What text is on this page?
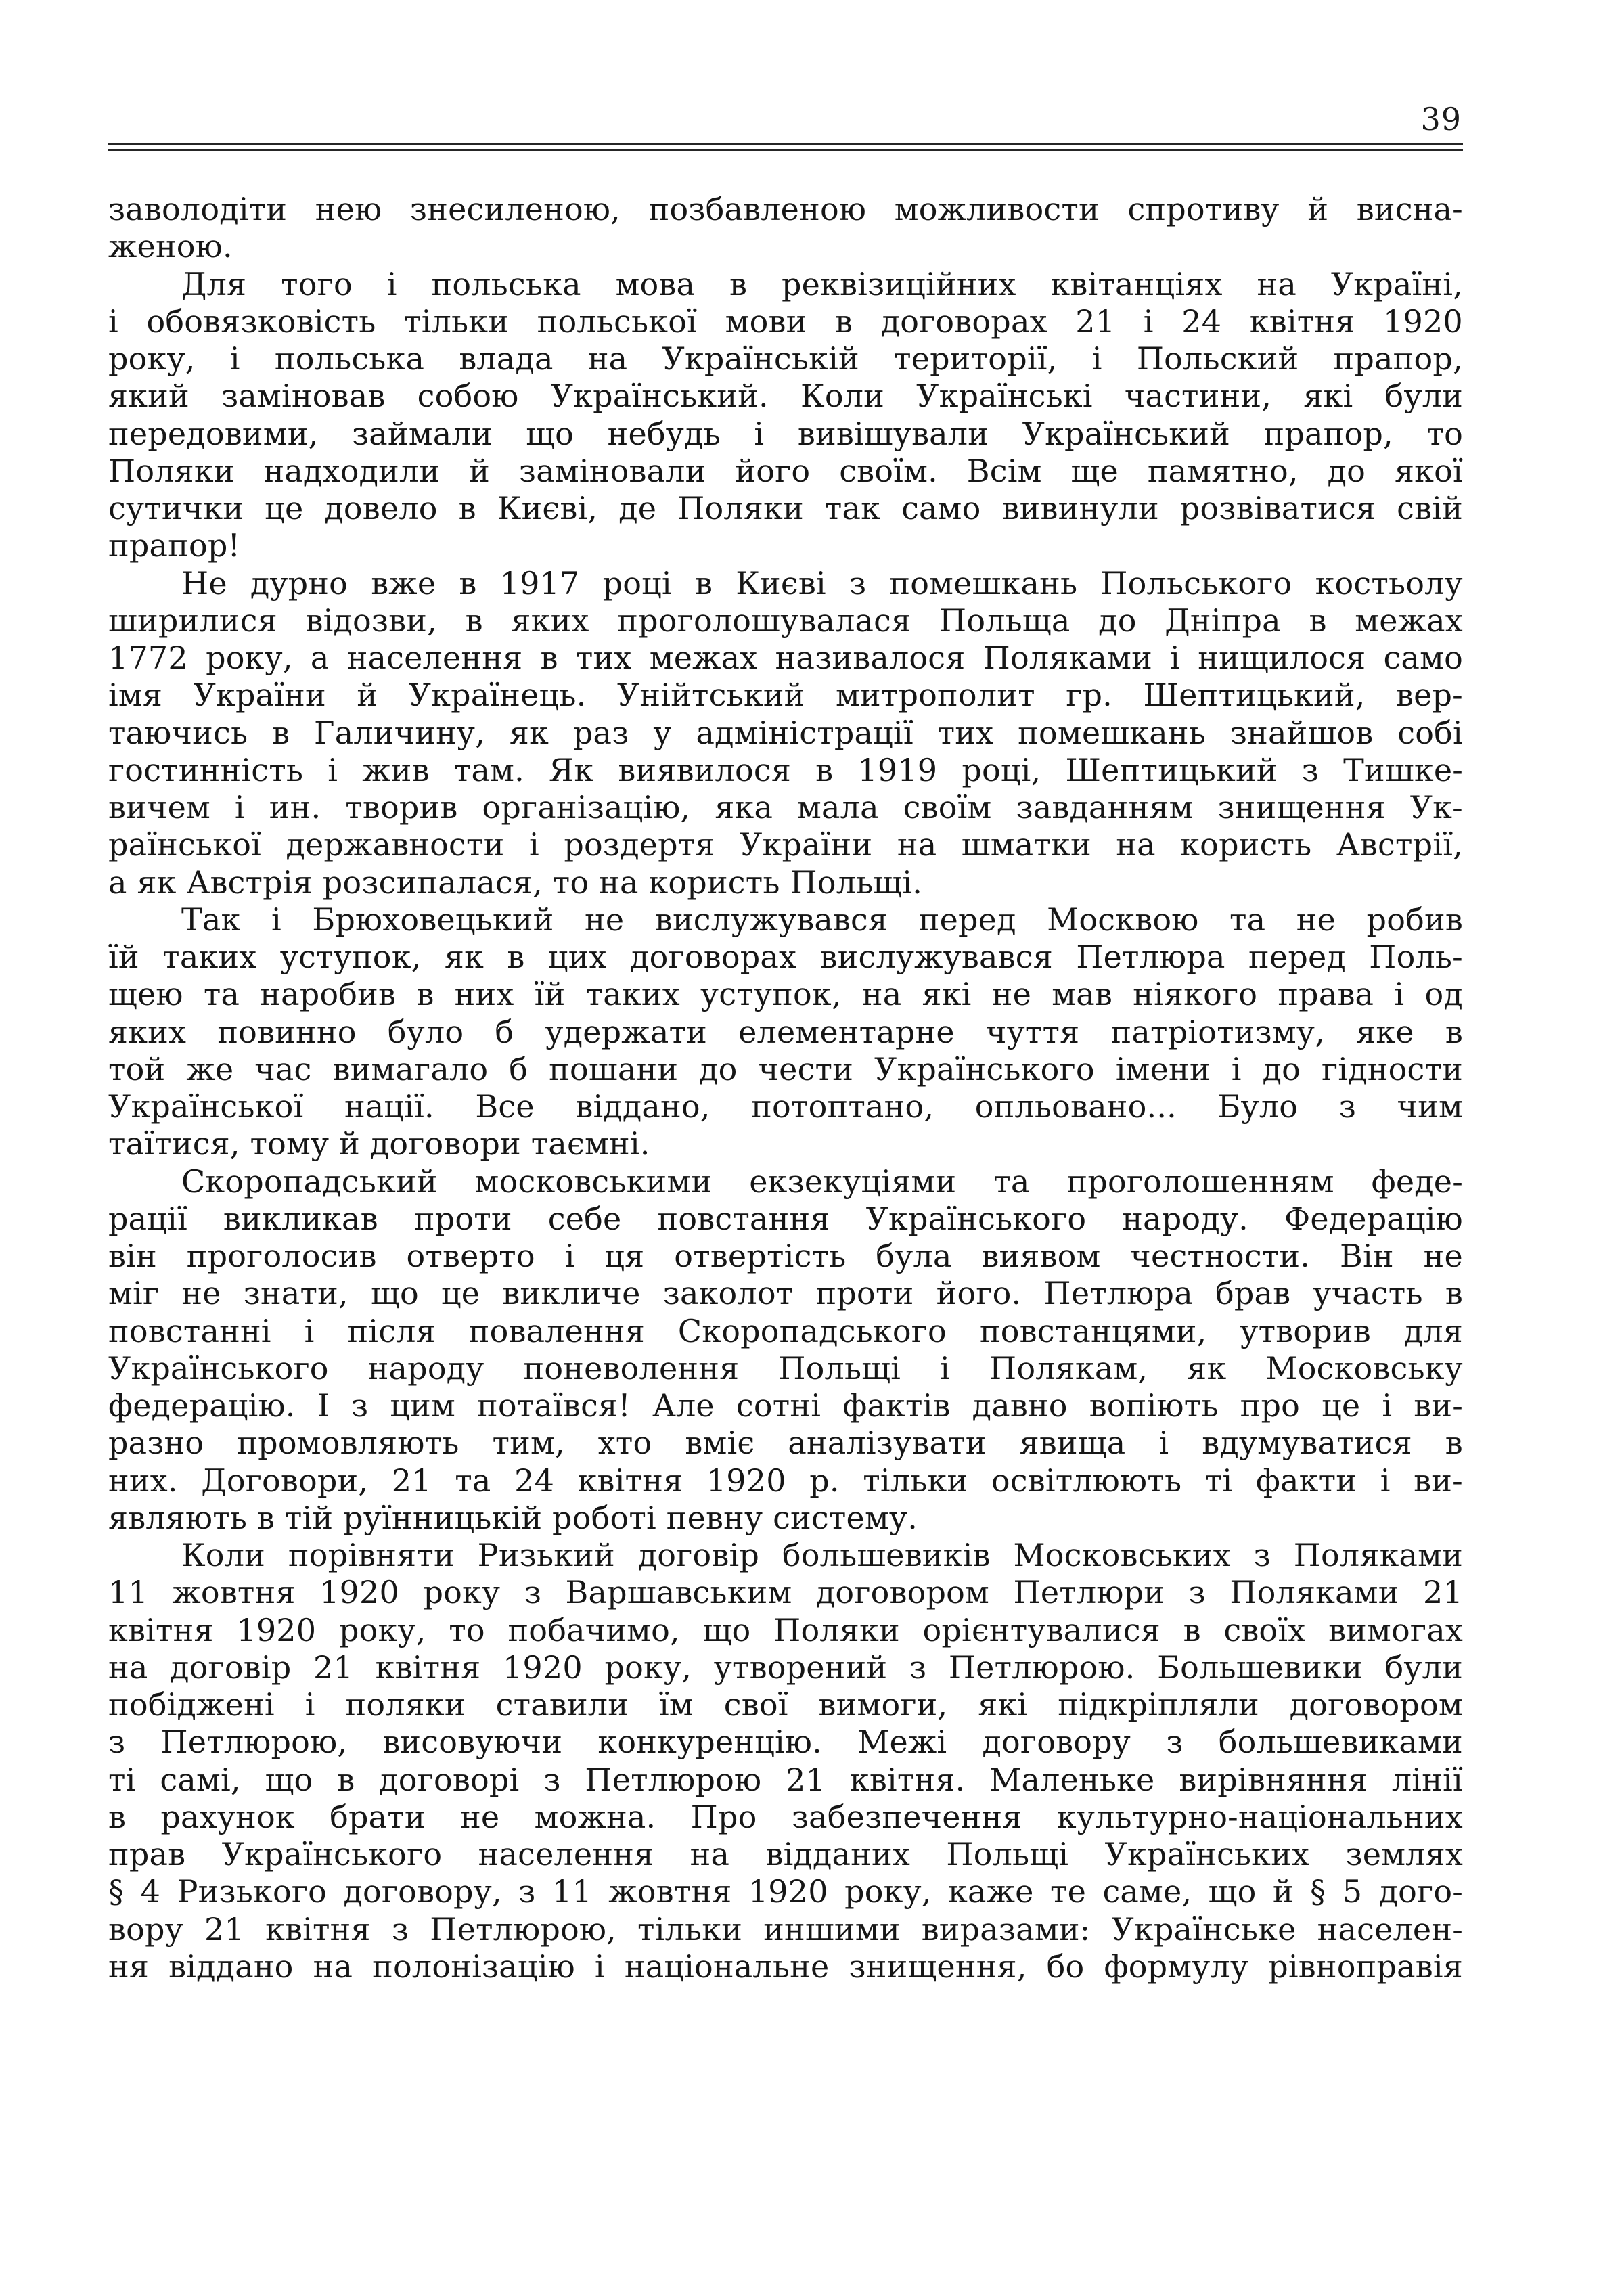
39
заволодіти нею знесиленою, позбавленою можливости спротиву й висна-
женою.
Для того і польська мова в реквізиційних квітанціях на Україні,
і обовязковість тільки польської мови в договорах 21 і 24 квітня 1920
року, і польська влада на Українській території, і Польский прапор,
який заміновав собою Український. Коли Українські частини, які були
передовими, займали що небудь і вивішували Український прапор, то
Поляки надходили й заміновали його своїм. Всім ще памятно, до якої
сутички це довело в Києві, де Поляки так само вивинули розвіватися свій
прапор!
Не дурно вже в 1917 році в Києві з помешкань Польського костьолу
ширилися відозви, в яких проголошувалася Польща до Дніпра в межах
1772 року, а населення в тих межах називалося Поляками і нищилося само
імя України й Українець. Унійтський митрополит гр. Шептицький, вер-
таючись в Галичину, як раз у адміністрації тих помешкань знайшов собі
гостинність і жив там. Як виявилося в 1919 році, Шептицький з Тишке-
вичем і ин. творив організацію, яка мала своїм завданням знищення Ук-
раїнської державности і роздертя України на шматки на користь Австрії,
а як Австрія розсипалася, то на користь Польщі.
Так і Брюховецький не вислужувався перед Москвою та не робив
їй таких уступок, як в цих договорах вислужувався Петлюра перед Поль-
щею та наробив в них їй таких уступок, на які не мав ніякого права і од
яких повинно було б удержати елементарне чуття патріотизму, яке в
той же час вимагало б пошани до чести Українського імени і до гідности
Української нації. Все віддано, потоптано, опльовано... Було з чим
таїтися, тому й договори таємні.
Скоропадський московськими екзекуціями та проголошенням феде-
рації викликав проти себе повстання Українського народу. Федерацію
він проголосив отверто і ця отвертість була виявом честности. Він не
міг не знати, що це викличе заколот проти його. Петлюра брав участь в
повстанні і після повалення Скоропадського повстанцями, утворив для
Українського народу поневолення Польщі і Полякам, як Московську
федерацію. І з цим потаївся! Але сотні фактів давно вопіють про це і ви-
разно промовляють тим, хто вміє аналізувати явища і вдумуватися в
них. Договори, 21 та 24 квітня 1920 р. тільки освітлюють ті факти і ви-
являють в тій руїнницькій роботі певну систему.
Коли порівняти Ризький договір большевиків Московських з Поляками
11 жовтня 1920 року з Варшавським договором Петлюри з Поляками 21
квітня 1920 року, то побачимо, що Поляки орієнтувалися в своїх вимогах
на договір 21 квітня 1920 року, утворений з Петлюрою. Большевики були
побіджені і поляки ставили їм свої вимоги, які підкріпляли договором
з Петлюрою, висовуючи конкуренцію. Межі договору з большевиками
ті самі, що в договорі з Петлюрою 21 квітня. Маленьке вирівняння лінії
в рахунок брати не можна. Про забезпечення культурно-національних
прав Українського населення на відданих Польщі Українських землях
§ 4 Ризького договору, з 11 жовтня 1920 року, каже те саме, що й § 5 дого-
вору 21 квітня з Петлюрою, тільки иншими виразами: Українське населен-
ня віддано на полонізацію і національне знищення, бо формулу рівноправія
